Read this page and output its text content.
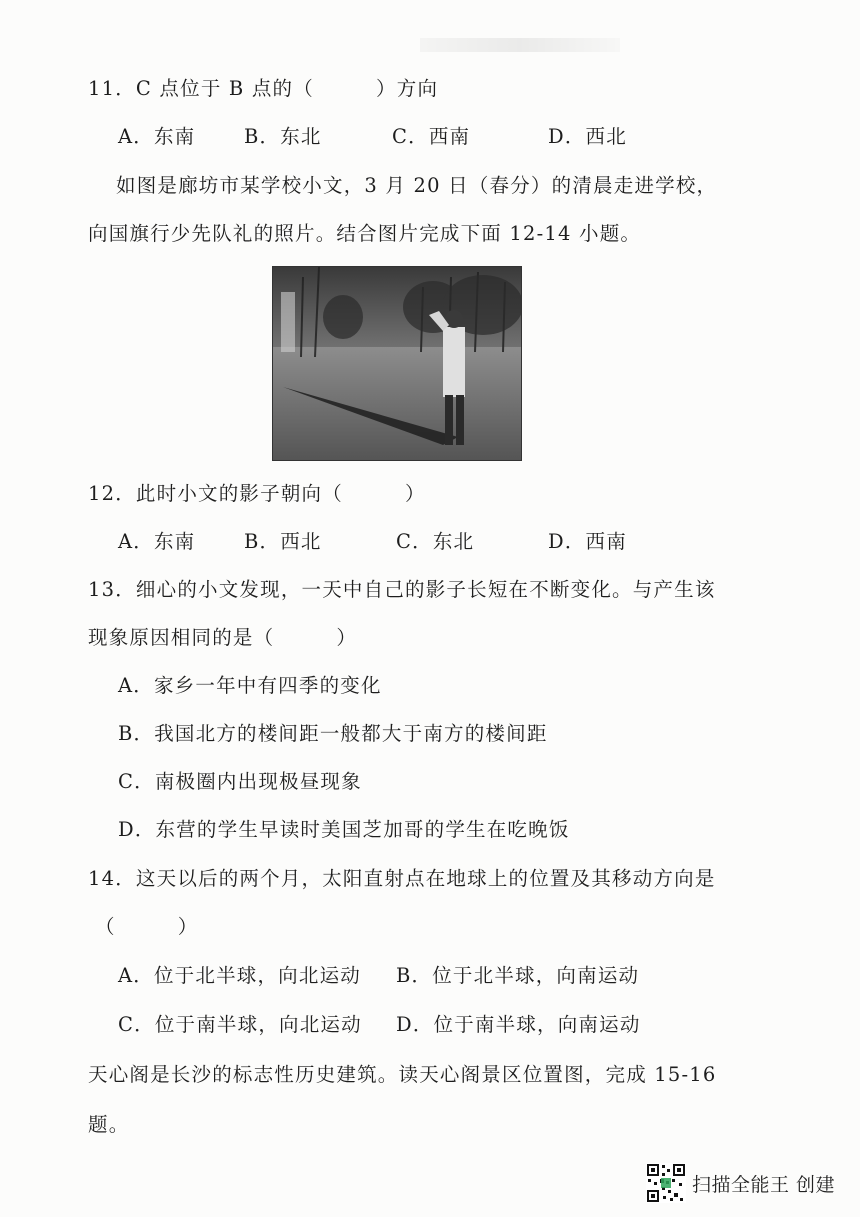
11．C 点位于 B 点的（　　　）方向
A．东南 B．东北	C．西南	D．西北
如图是廊坊市某学校小文，3 月 20 日（春分）的清晨走进学校，
向国旗行少先队礼的照片。结合图片完成下面 12-14 小题。
12．此时小文的影子朝向（　　　）
A．东南 B．西北	C．东北	D．西南
13．细心的小文发现，一天中自己的影子长短在不断变化。与产生该
现象原因相同的是（　　　）
A．家乡一年中有四季的变化
B．我国北方的楼间距一般都大于南方的楼间距
C．南极圈内出现极昼现象
D．东营的学生早读时美国芝加哥的学生在吃晚饭
14．这天以后的两个月，太阳直射点在地球上的位置及其移动方向是
（　　　）
A．位于北半球，向北运动 B．位于北半球，向南运动
C．位于南半球，向北运动 D．位于南半球，向南运动
天心阁是长沙的标志性历史建筑。读天心阁景区位置图，完成 15-16
题。
扫描全能王 创建
